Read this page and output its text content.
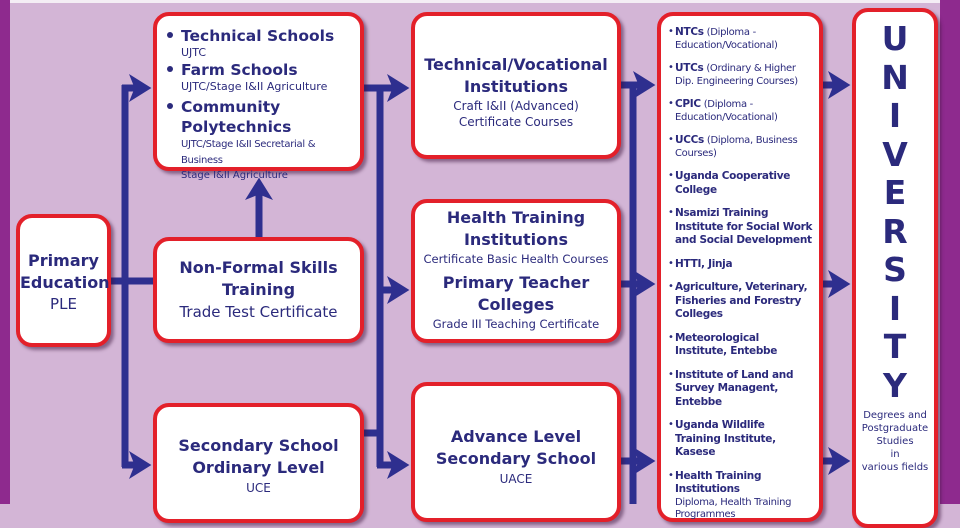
Primary
Education
PLE
Technical Schools
UJTC
Farm Schools
UJTC/Stage I&II Agriculture
Community Polytechnics
UJTC/Stage I&II Secretarial & Business
Stage I&II Agriculture
Non-Formal Skills
Training
Trade Test Certificate
Secondary School
Ordinary Level
UCE
Technical/Vocational
Institutions
Craft I&II (Advanced)
Certificate Courses
Health Training
Institutions
Certificate Basic Health Courses
Primary Teacher
Colleges
Grade III Teaching Certificate
Advance Level
Secondary School
UACE
• NTCs (Diploma - Education/Vocational)
• UTCs (Ordinary & Higher Dip. Engineering Courses)
• CPIC (Diploma - Education/Vocational)
• UCCs (Diploma, Business Courses)
• Uganda Cooperative College
• Nsamizi Training Institute for Social Work and Social Development
• HTTI, Jinja
• Agriculture, Veterinary, Fisheries and Forestry Colleges
• Meteorological Institute, Entebbe
• Institute of Land and Survey Managent, Entebbe
• Uganda Wildlife Training Institute, Kasese
• Health Training Institutions
Diploma, Health Training Programmes
U
N
I
V
E
R
S
I
T
Y
Degrees and
Postgraduate
Studies
in
various fields
